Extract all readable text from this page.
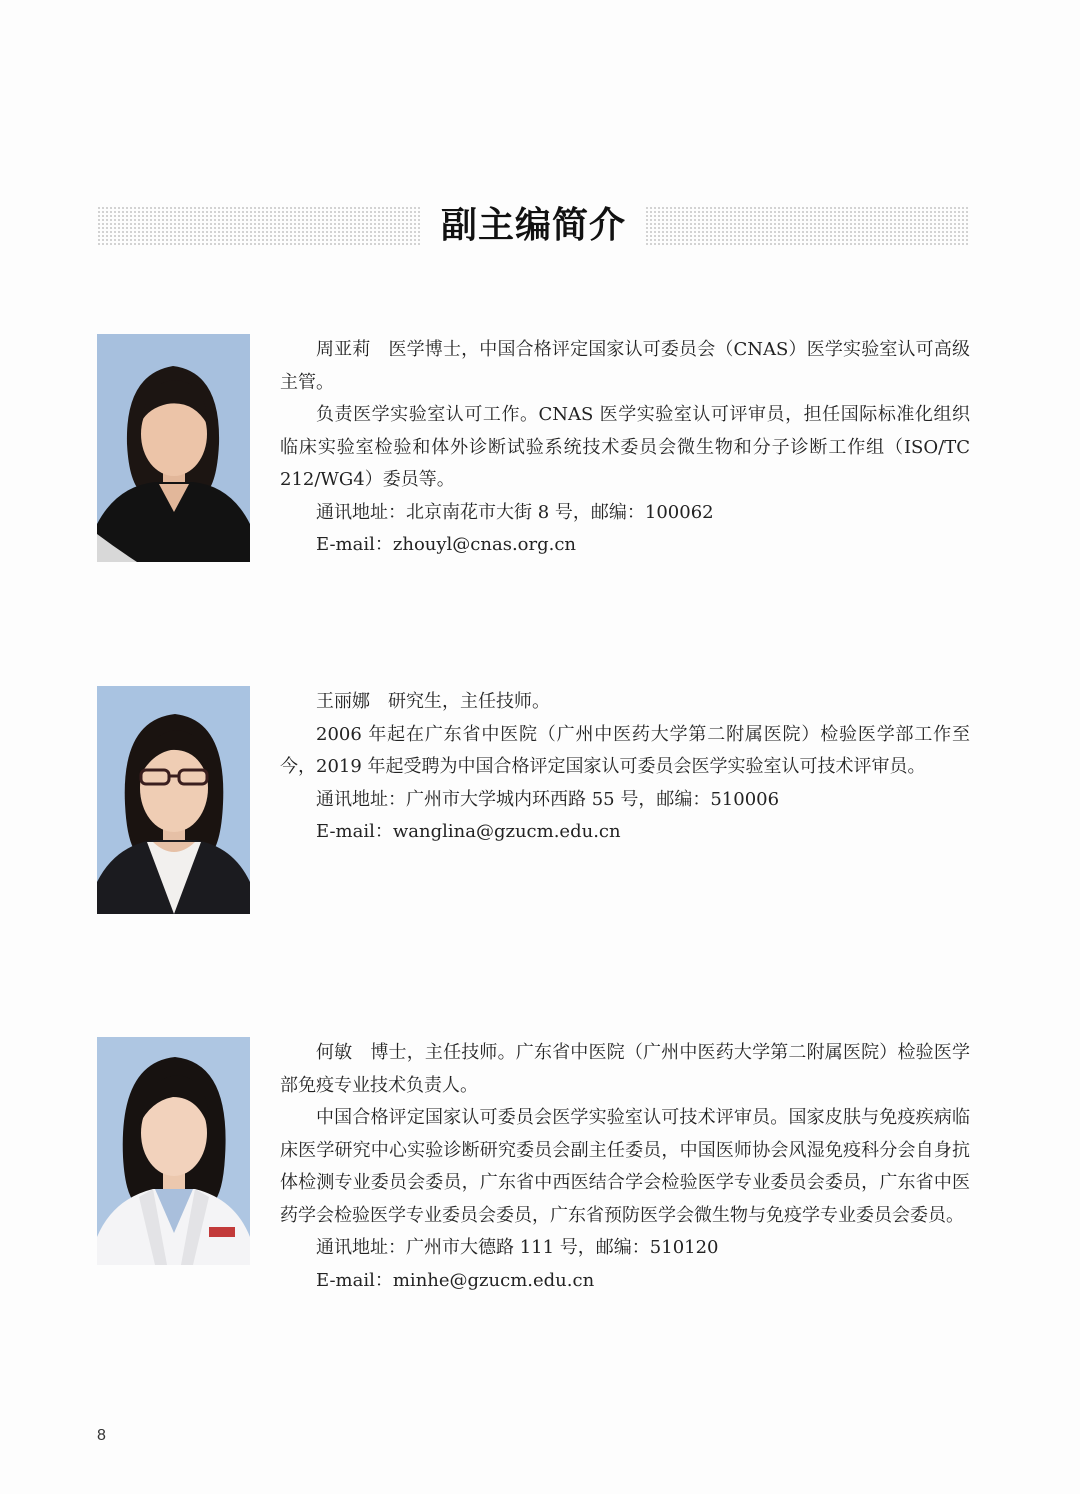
副主编简介

周亚莉 医学博士，中国合格评定国家认可委员会（CNAS）医学实验室认可高级主管。

负责医学实验室认可工作。CNAS 医学实验室认可评审员，担任国际标准化组织临床实验室检验和体外诊断试验系统技术委员会微生物和分子诊断工作组（ISO/TC 212/WG4）委员等。

通讯地址：北京南花市大街 8 号，邮编：100062

E-mail：zhouyl@cnas.org.cn

王丽娜 研究生，主任技师。

2006 年起在广东省中医院（广州中医药大学第二附属医院）检验医学部工作至今，2019 年起受聘为中国合格评定国家认可委员会医学实验室认可技术评审员。

通讯地址：广州市大学城内环西路 55 号，邮编：510006

E-mail：wanglina@gzucm.edu.cn

何敏 博士，主任技师。广东省中医院（广州中医药大学第二附属医院）检验医学部免疫专业技术负责人。

中国合格评定国家认可委员会医学实验室认可技术评审员。国家皮肤与免疫疾病临床医学研究中心实验诊断研究委员会副主任委员，中国医师协会风湿免疫科分会自身抗体检测专业委员会委员，广东省中西医结合学会检验医学专业委员会委员，广东省中医药学会检验医学专业委员会委员，广东省预防医学会微生物与免疫学专业委员会委员。

通讯地址：广州市大德路 111 号，邮编：510120

E-mail：minhe@gzucm.edu.cn

8
